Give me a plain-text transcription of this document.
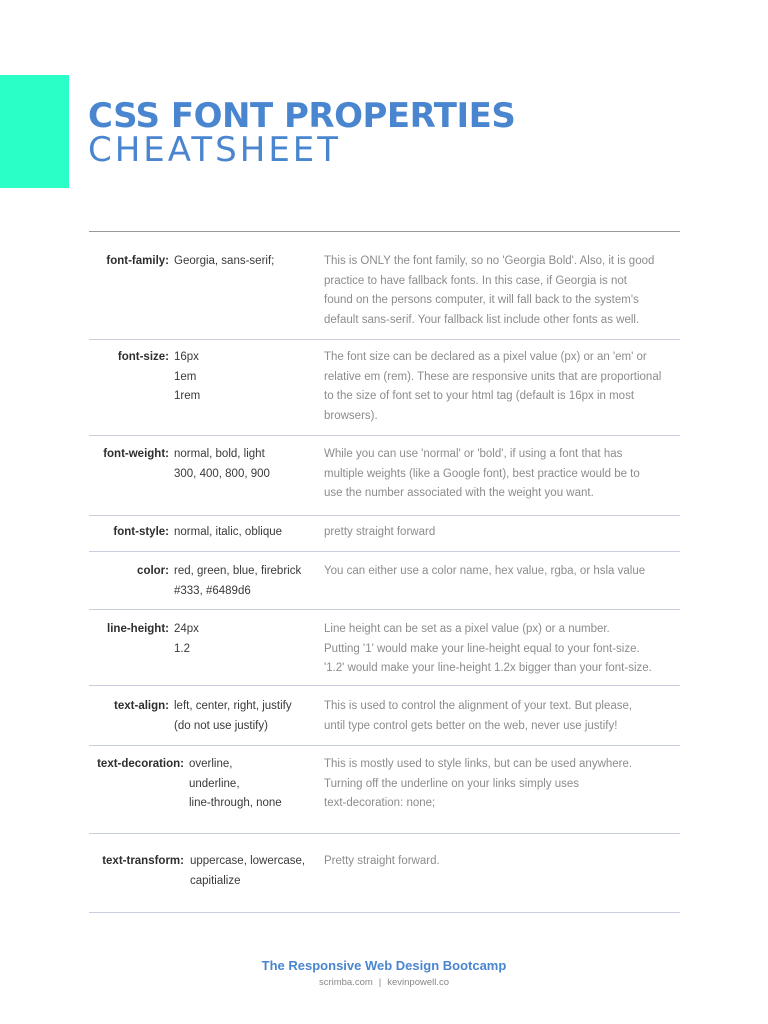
CSS FONT PROPERTIES
CHEATSHEET
font-family: Georgia, sans-serif;	This is ONLY the font family, so no 'Georgia Bold'. Also, it is good
practice to have fallback fonts. In this case, if Georgia is not
found on the persons computer, it will fall back to the system's
default sans-serif. Your fallback list include other fonts as well.
font-size: 16px
1em
1rem
The font size can be declared as a pixel value (px) or an 'em' or
relative em (rem). These are responsive units that are proportional
to the size of font set to your html tag (default is 16px in most
browsers).
font-weight: normal, bold, light
300, 400, 800, 900
While you can use 'normal' or 'bold', if using a font that has
multiple weights (like a Google font), best practice would be to
use the number associated with the weight you want.
font-style: normal, italic, oblique	pretty straight forward
color: red, green, blue, firebrick
#333, #6489d6
You can either use a color name, hex value, rgba, or hsla value
line-height: 24px
1.2
Line height can be set as a pixel value (px) or a number.
Putting '1' would make your line-height equal to your font-size.
'1.2' would make your line-height 1.2x bigger than your font-size.
text-align: left, center, right, justify
(do not use justify)
This is used to control the alignment of your text. But please,
until type control gets better on the web, never use justify!
text-decoration: overline,
underline,
line-through, none
This is mostly used to style links, but can be used anywhere.
Turning off the underline on your links simply uses
text-decoration: none;
text-transform: uppercase, lowercase,
capitialize
Pretty straight forward.
The Responsive Web Design Bootcamp
scrimba.com | kevinpowell.co
